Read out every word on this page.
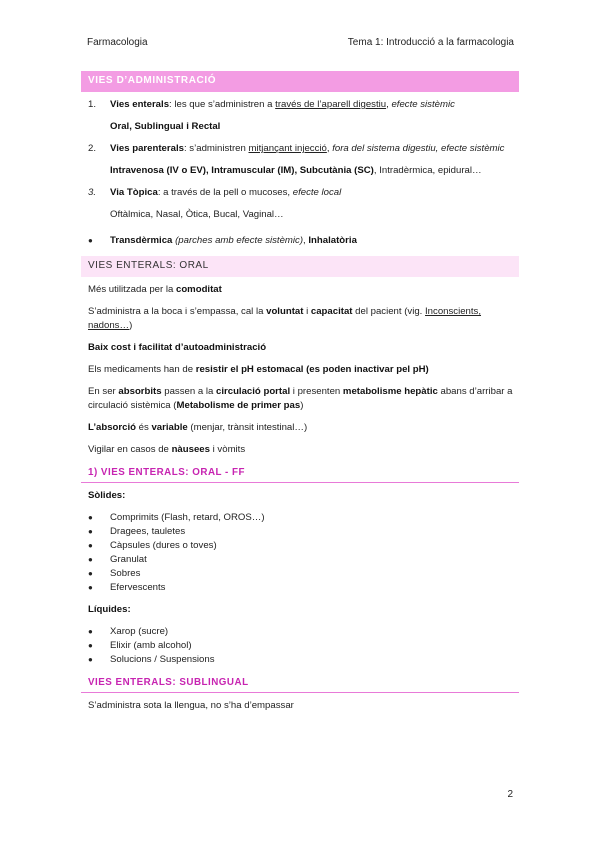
Farmacologia	Tema 1: Introducció a la farmacologia
VIES D’ADMINISTRACIÓ
1.	Vies enterals: les que s’administren a través de l’aparell digestiu, efecte sistèmic
Oral, Sublingual i Rectal
2.	Vies parenterals: s’administren mitjançant injecció, fora del sistema digestiu, efecte sistèmic
Intravenosa (IV o EV), Intramuscular (IM), Subcutània (SC), Intradèrmica, epidural…
3.	Via Tòpica: a través de la pell o mucoses, efecte local
Oftàlmica, Nasal, Òtica, Bucal, Vaginal…
●	Transdèrmica (parches amb efecte sistèmic), Inhalatòria
VIES ENTERALS: ORAL

Més utilitzada per la comoditat

S’administra a la boca i s’empassa, cal la voluntat i capacitat del pacient (vig. Inconscients, nadons…)

Baix cost i facilitat d’autoadministració

Els medicaments han de resistir el pH estomacal (es poden inactivar pel pH)

En ser absorbits passen a la circulació portal i presenten metabolisme hepàtic abans d’arribar a circulació sistèmica (Metabolisme de primer pas)

L’absorció és variable (menjar, trànsit intestinal…)

Vigilar en casos de nàusees i vòmits

1) VIES ENTERALS: ORAL - FF

Sòlides:

●	Comprimits (Flash, retard, OROS…)
●	Dragees, tauletes
●	Càpsules (dures o toves)
●	Granulat
●	Sobres
●	Efervescents

Líquides:

●	Xarop (sucre)
●	Elixir (amb alcohol)
●	Solucions / Suspensions
VIES ENTERALS: SUBLINGUAL

S’administra sota la llengua, no s’ha d’empassar

2
